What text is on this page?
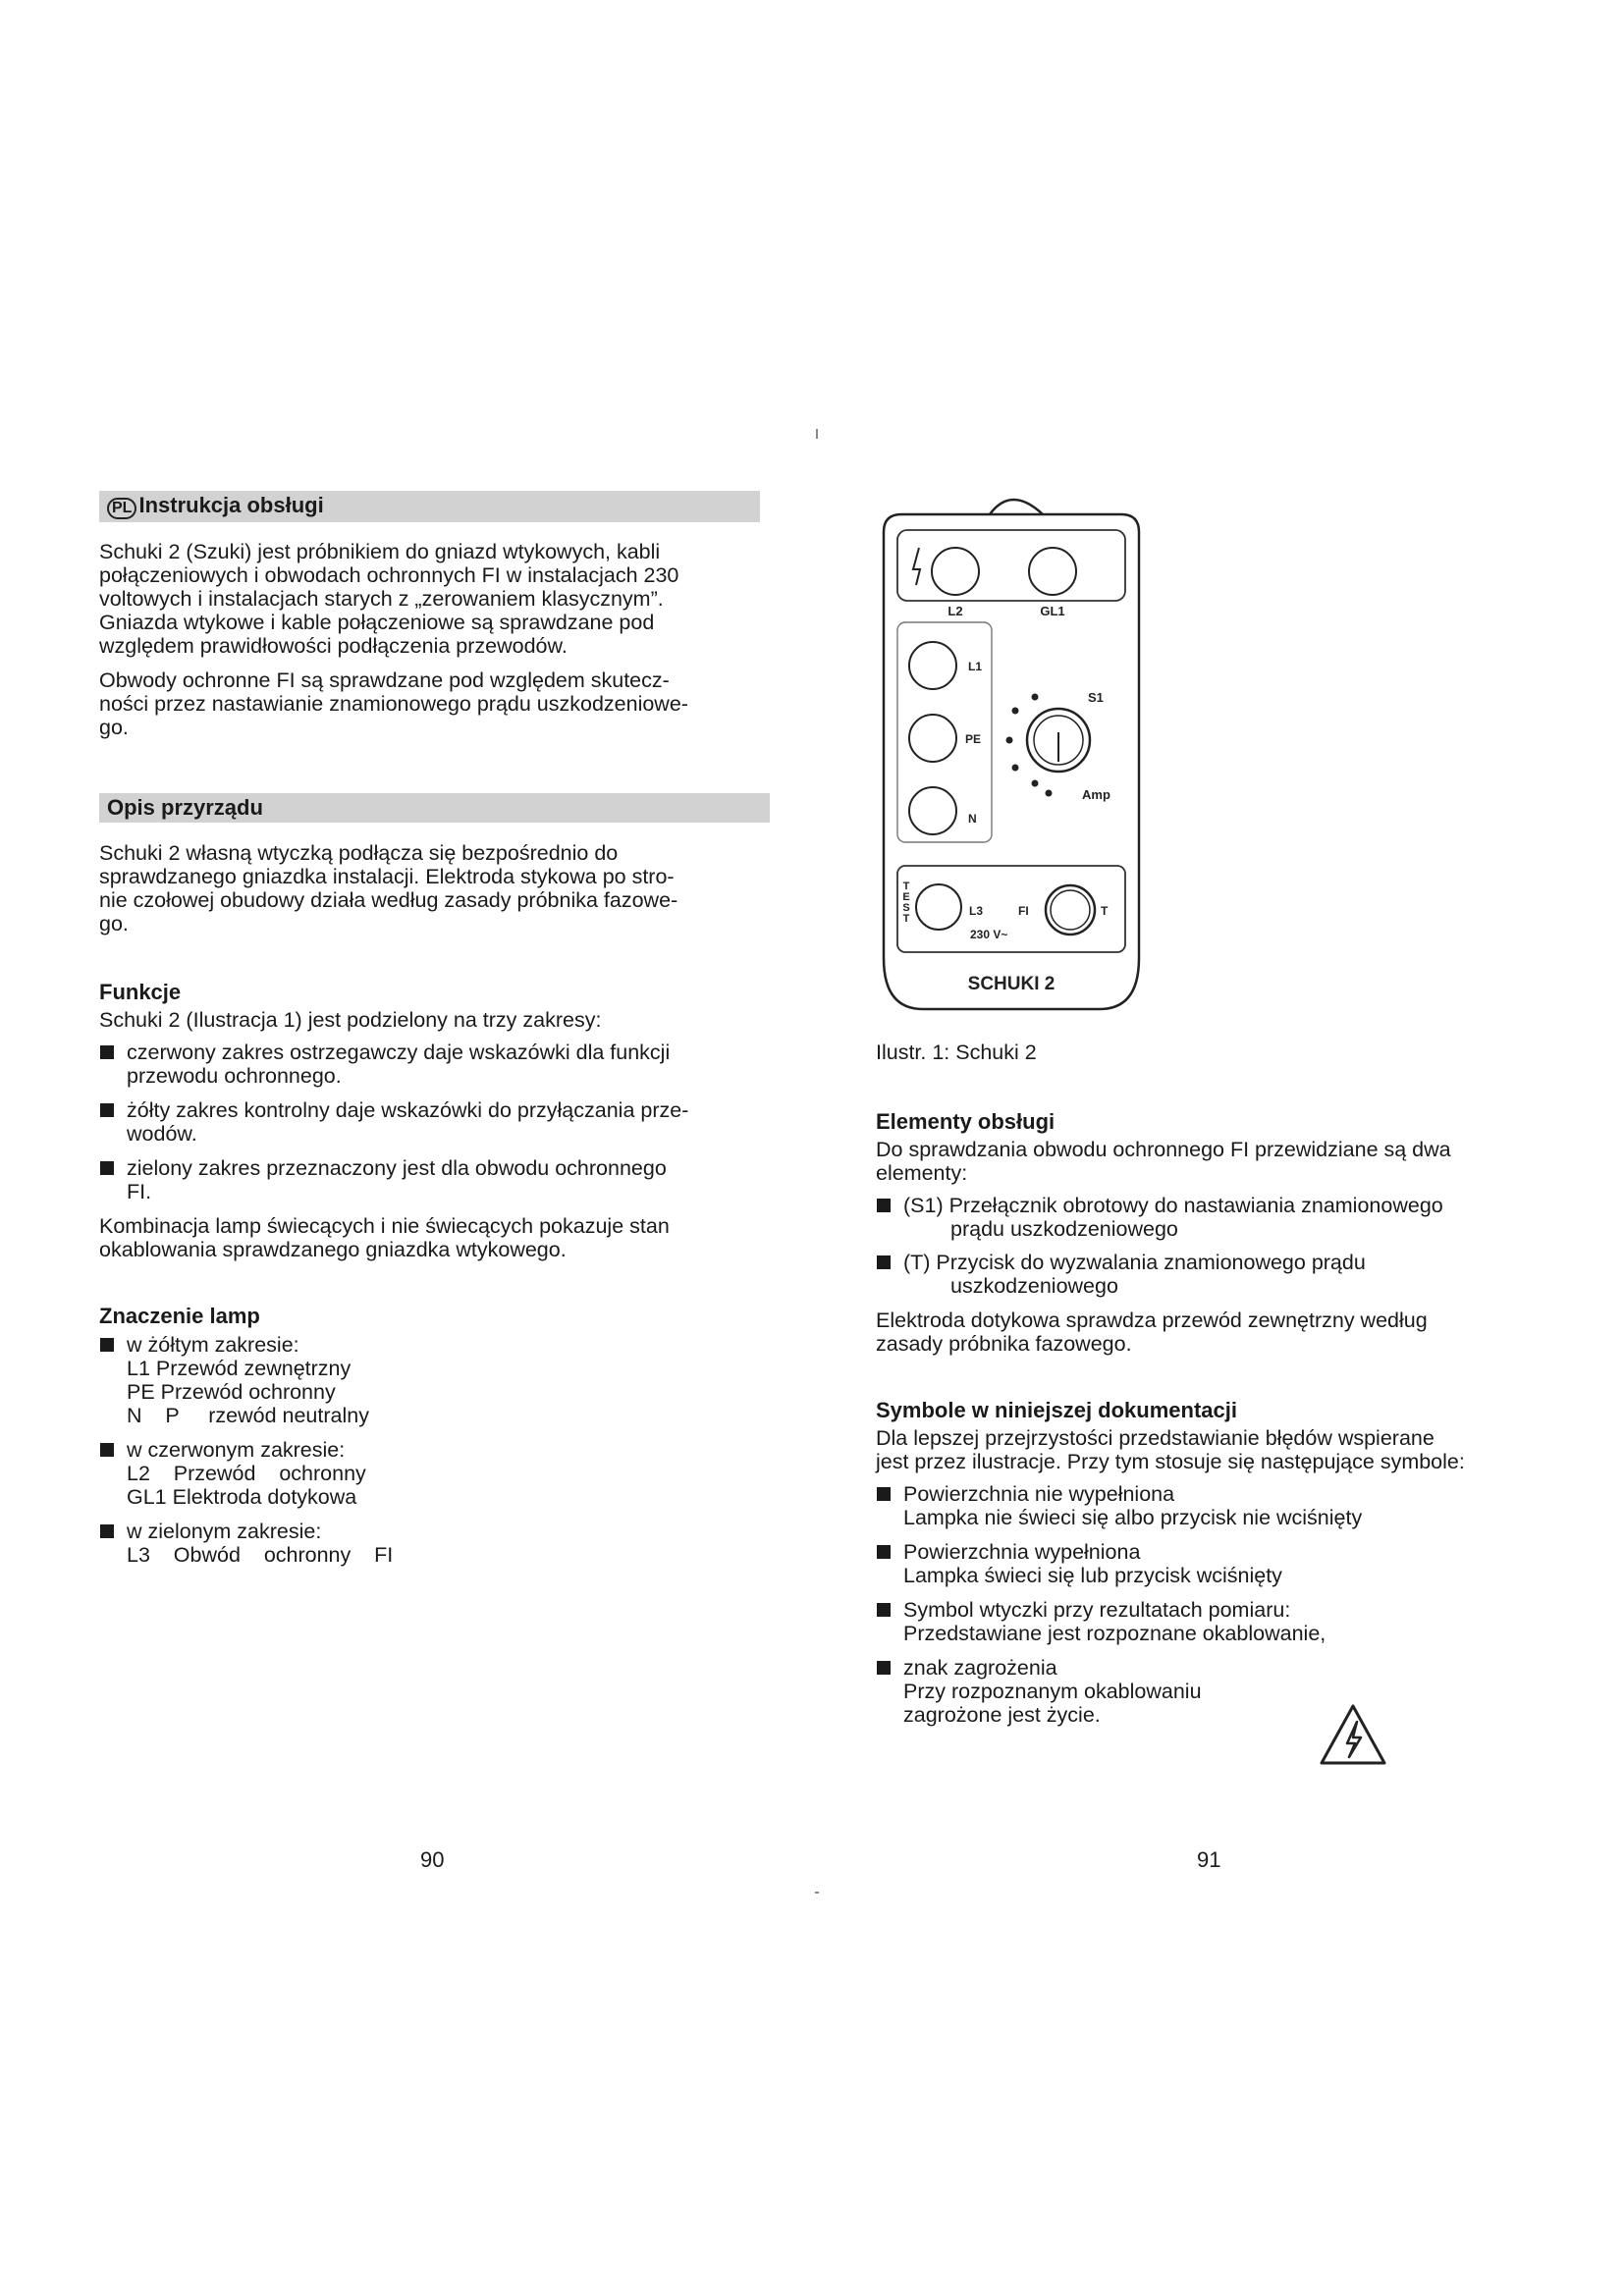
PL Instrukcja obsługi

Schuki 2 (Szuki) jest próbnikiem do gniazd wtykowych, kabli
połączeniowych i obwodach ochronnych FI w instalacjach 230
voltowych i instalacjach starych z „zerowaniem klasycznym”.
Gniazda wtykowe i kable połączeniowe są sprawdzane pod
względem prawidłowości podłączenia przewodów.

Obwody ochronne FI są sprawdzane pod względem skutecz-
ności przez nastawianie znamionowego prądu uszkodzeniowe-
go.

Opis przyrządu

Schuki 2 własną wtyczką podłącza się bezpośrednio do
sprawdzanego gniazdka instalacji. Elektroda stykowa po stro-
nie czołowej obudowy działa według zasady próbnika fazowe-
go.

Funkcje

Schuki 2 (Ilustracja 1) jest podzielony na trzy zakresy:

czerwony zakres ostrzegawczy daje wskazówki dla funkcji
przewodu ochronnego.
żółty zakres kontrolny daje wskazówki do przyłączania prze-
wodów.
zielony zakres przeznaczony jest dla obwodu ochronnego
FI.

Kombinacja lamp świecących i nie świecących pokazuje stan
okablowania sprawdzanego gniazdka wtykowego.

Znaczenie lamp

w żółtym zakresie:
L1 Przewód zewnętrzny
PE Przewód ochronny
N    P     rzewód neutralny
w czerwonym zakresie:
L2    Przewód    ochronny
GL1 Elektroda dotykowa
w zielonym zakresie:
L3    Obwód    ochronny    FI
90
L2	GL1
L1
PE
N
S1
Amp
T
E
S
T
L3	FI
230 V~
T
SCHUKI 2
Ilustr. 1: Schuki 2

Elementy obsługi

Do sprawdzania obwodu ochronnego FI przewidziane są dwa
elementy:

(S1) Przełącznik obrotowy do nastawiania znamionowego
prądu uszkodzeniowego
(T) Przycisk do wyzwalania znamionowego prądu
uszkodzeniowego

Elektroda dotykowa sprawdza przewód zewnętrzny według
zasady próbnika fazowego.

Symbole w niniejszej dokumentacji

Dla lepszej przejrzystości przedstawianie błędów wspierane
jest przez ilustracje. Przy tym stosuje się następujące symbole:

Powierzchnia nie wypełniona
Lampka nie świeci się albo przycisk nie wciśnięty
Powierzchnia wypełniona
Lampka świeci się lub przycisk wciśnięty
Symbol wtyczki przy rezultatach pomiaru:
Przedstawiane jest rozpoznane okablowanie,
znak zagrożenia
Przy rozpoznanym okablowaniu
zagrożone jest życie.
91
